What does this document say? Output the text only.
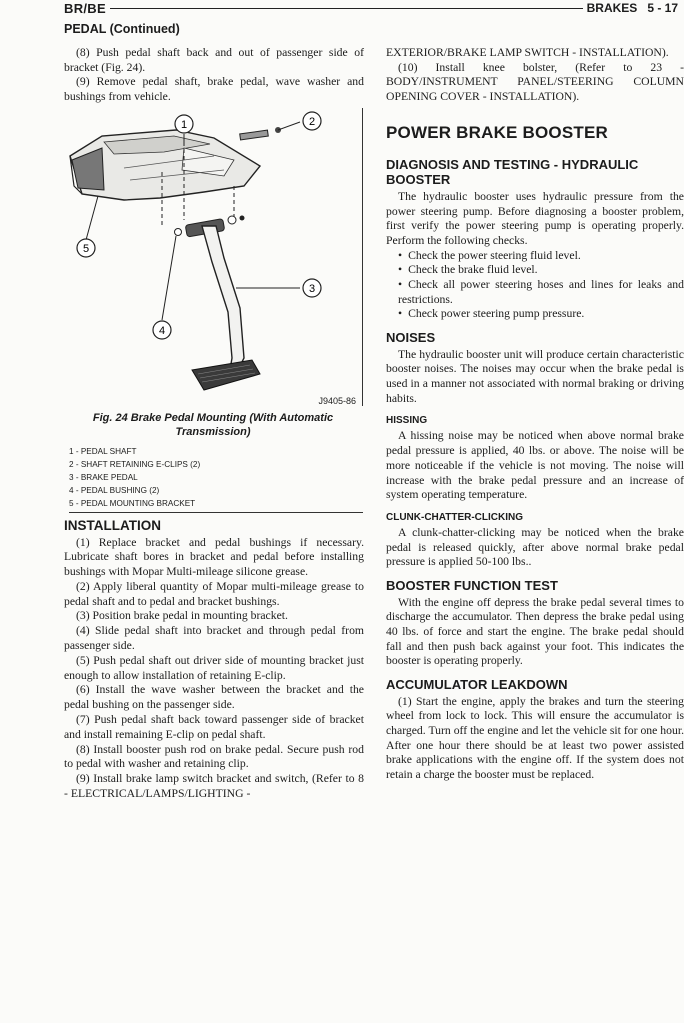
BR/BE	BRAKES 5 - 17
PEDAL (Continued)

(8) Push pedal shaft back and out of passenger side of bracket (Fig. 24).

(9) Remove pedal shaft, brake pedal, wave washer and bushings from vehicle.

1	2
3
4
5
J9405-86
Fig. 24 Brake Pedal Mounting (With Automatic Transmission)
1 - PEDAL SHAFT
2 - SHAFT RETAINING E-CLIPS (2)
3 - BRAKE PEDAL
4 - PEDAL BUSHING (2)
5 - PEDAL MOUNTING BRACKET
INSTALLATION

(1) Replace bracket and pedal bushings if necessary. Lubricate shaft bores in bracket and pedal before installing bushings with Mopar Multi-mileage silicone grease.

(2) Apply liberal quantity of Mopar multi-mileage grease to pedal shaft and to pedal and bracket bushings.

(3) Position brake pedal in mounting bracket.

(4) Slide pedal shaft into bracket and through pedal from passenger side.

(5) Push pedal shaft out driver side of mounting bracket just enough to allow installation of retaining E-clip.

(6) Install the wave washer between the bracket and the pedal bushing on the passenger side.

(7) Push pedal shaft back toward passenger side of bracket and install remaining E-clip on pedal shaft.

(8) Install booster push rod on brake pedal. Secure push rod to pedal with washer and retaining clip.

(9) Install brake lamp switch bracket and switch, (Refer to 8 - ELECTRICAL/LAMPS/LIGHTING -

EXTERIOR/BRAKE LAMP SWITCH - INSTALLATION).

(10) Install knee bolster, (Refer to 23 - BODY/INSTRUMENT PANEL/STEERING COLUMN OPENING COVER - INSTALLATION).

POWER BRAKE BOOSTER
DIAGNOSIS AND TESTING - HYDRAULIC BOOSTER

The hydraulic booster uses hydraulic pressure from the power steering pump. Before diagnosing a booster problem, first verify the power steering pump is operating properly. Perform the following checks.

• Check the power steering fluid level.
• Check the brake fluid level.
• Check all power steering hoses and lines for leaks and restrictions.
• Check power steering pump pressure.
NOISES

The hydraulic booster unit will produce certain characteristic booster noises. The noises may occur when the brake pedal is used in a manner not associated with normal braking or driving habits.

HISSING

A hissing noise may be noticed when above normal brake pedal pressure is applied, 40 lbs. or above. The noise will be more noticeable if the vehicle is not moving. The noise will increase with the brake pedal pressure and an increase of system operating temperature.

CLUNK-CHATTER-CLICKING

A clunk-chatter-clicking may be noticed when the brake pedal is released quickly, after above normal brake pedal pressure is applied 50-100 lbs..

BOOSTER FUNCTION TEST

With the engine off depress the brake pedal several times to discharge the accumulator. Then depress the brake pedal using 40 lbs. of force and start the engine. The brake pedal should fall and then push back against your foot. This indicates the booster is operating properly.

ACCUMULATOR LEAKDOWN

(1) Start the engine, apply the brakes and turn the steering wheel from lock to lock. This will ensure the accumulator is charged. Turn off the engine and let the vehicle sit for one hour. After one hour there should be at least two power assisted brake applications with the engine off. If the system does not retain a charge the booster must be replaced.
